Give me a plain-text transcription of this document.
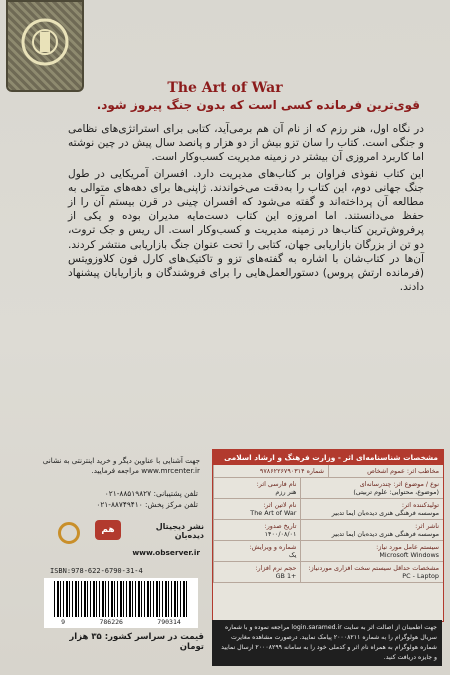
The Art of War
قوی‌ترین فرمانده کسی است که بدون جنگ پیروز شود.

در نگاه اول، هنر رزم که از نام آن هم برمی‌آید، کتابی برای استراتژی‌های نظامی و جنگی است. کتاب را سان تزو بیش از دو هزار و پانصد سال پیش در چین نوشته اما کاربرد امروزی آن بیشتر در زمینه مدیریت کسب‌وکار است.

این کتاب نفوذی فراوان بر کتاب‌های مدیریت دارد. افسران آمریکایی در طول جنگ جهانی دوم، این کتاب را به‌دقت می‌خواندند. ژاپنی‌ها برای دهه‌های متوالی به مطالعه آن پرداخته‌اند و گفته می‌شود که افسران چینی در قرن بیستم آن را از حفظ می‌دانستند. اما امروزه این کتاب دست‌مایه مدیران بوده و یکی از پرفروش‌ترین کتاب‌ها در زمینه مدیریت و کسب‌وکار است. ال ریس و جک تروت، دو تن از بزرگان بازاریابی جهان، کتابی را تحت عنوان جنگ بازاریابی منتشر کردند. آن‌ها در کتاب‌شان با اشاره به گفته‌های تزو و تاکتیک‌های کارل فون کلاوزویتس (فرمانده ارتش پروس) دستورالعمل‌هایی را برای فروشندگان و بازاریابان پیشنهاد دادند.

مشخصات شناسنامه‌ای اثر - وزارت فرهنگ و ارشاد اسلامی
مخاطب اثر: عموم اشخاص
شماره ۹۷۸۶۲۲۶۷۹۰۳۱۴
نوع / موضوع اثر: چندرسانه‌ای
(موضوع، محتوایی: علوم تربیتی)
نام فارسی اثر:
هنر رزم
تولیدکننده اثر:
موسسه فرهنگی هنری دیده‌بان ایما تدبیر
نام لاتین اثر:
The Art of War
ناشر اثر:
موسسه فرهنگی هنری دیده‌بان ایما تدبیر
تاریخ صدور:
۱۴۰۰/۰۸/۰۱
سیستم عامل مورد نیاز:
Microsoft Windows
شماره و ویرایش:
یک
مشخصات حداقل سیستم سخت افزاری موردنیاز:
PC - Laptop
حجم نرم افزار:
+1 GB
جهت آشنایی با عناوین دیگر و خرید اینترنتی به نشانی www.mrcenter.ir مراجعه فرمایید.
تلفن پشتیبانی: ۸۸۵۱۹۸۲۷-۰۲۱
تلفن مرکز پخش: ۸۸۷۴۹۴۱۰-۰۲۱
نشر دیجیتال دیده‌بان
هم
www.observer.ir
ISBN:978-622-6790-31-4
9	786226	790314
قیمت در سراسر کشور: ۳۵ هزار تومان
جهت اطمینان از اصالت اثر به سایت login.saramed.ir مراجعه نموده و با شماره سریال هولوگرام را به شماره ۲۰۰۰۸۲۱۱ پیامک نمایید. درصورت مشاهده مغایرت شماره هولوگرام به همراه نام اثر و کدملی خود را به سامانه ۲۰۰۰۸۲۹۹ ارسال نمایید و جایزه دریافت کنید.
